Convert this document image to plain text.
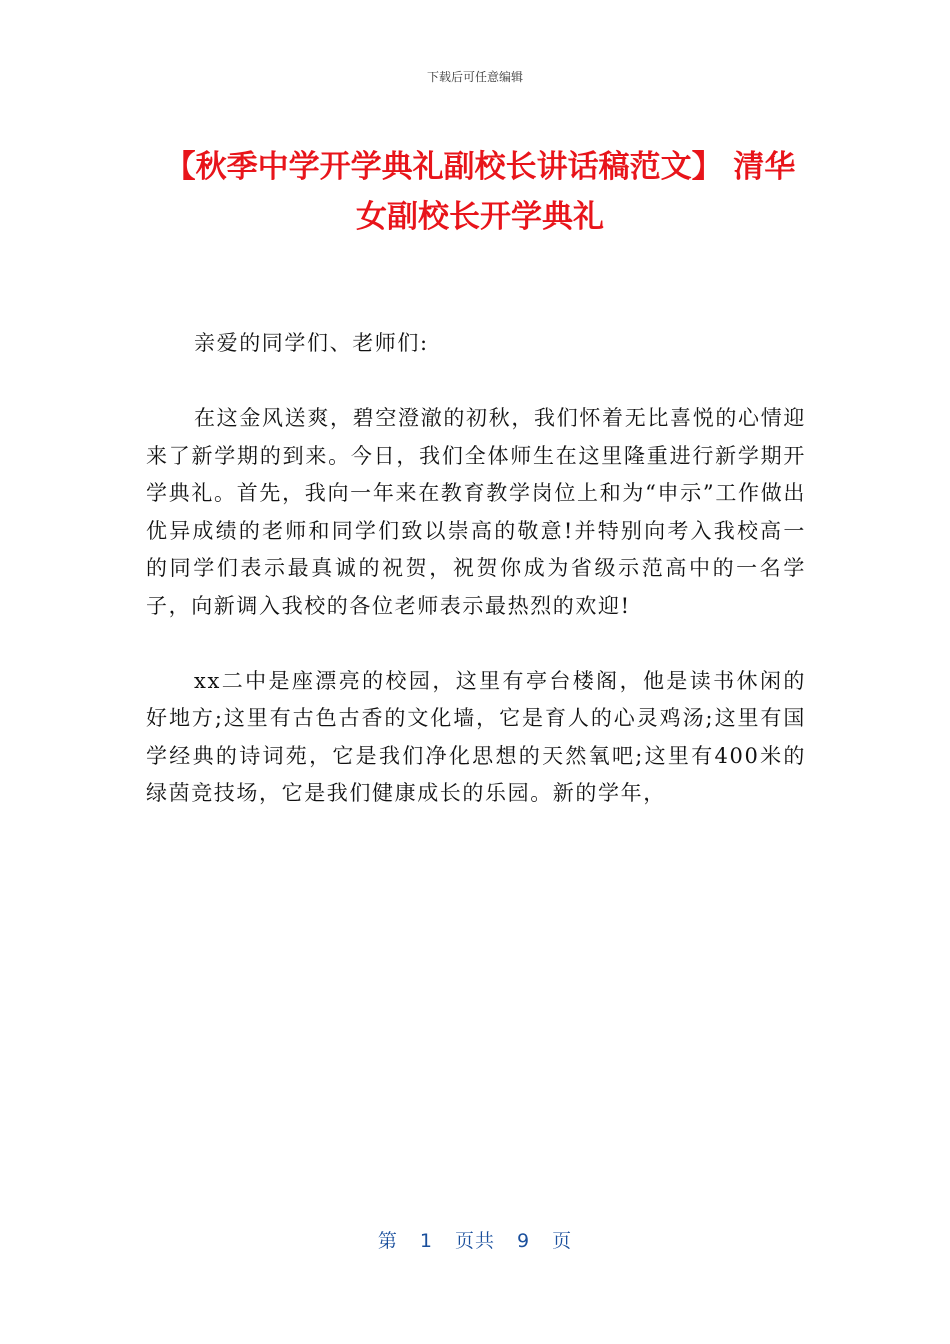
下载后可任意编辑
【秋季中学开学典礼副校长讲话稿范文】 清华女副校长开学典礼

亲爱的同学们、老师们:

在这金风送爽，碧空澄澈的初秋，我们怀着无比喜悦的心情迎来了新学期的到来。今日，我们全体师生在这里隆重进行新学期开学典礼。首先，我向一年来在教育教学岗位上和为“申示”工作做出优异成绩的老师和同学们致以崇高的敬意!并特别向考入我校高一的同学们表示最真诚的祝贺，祝贺你成为省级示范高中的一名学子，向新调入我校的各位老师表示最热烈的欢迎!

xx二中是座漂亮的校园，这里有亭台楼阁，他是读书休闲的好地方;这里有古色古香的文化墙，它是育人的心灵鸡汤;这里有国学经典的诗词苑，它是我们净化思想的天然氧吧;这里有400米的绿茵竞技场，它是我们健康成长的乐园。新的学年，

第 1 页共 9 页
